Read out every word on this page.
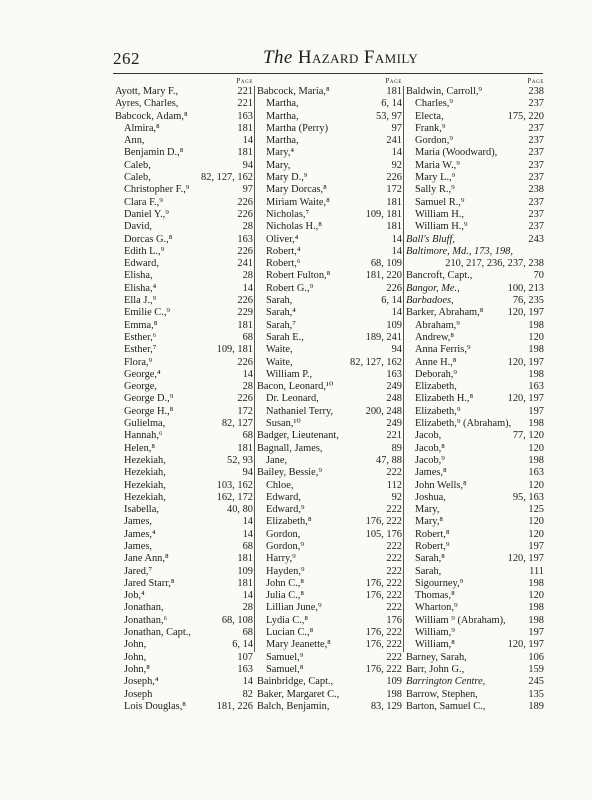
262	The Hazard Family
Page
Ayott, Mary F.,	221
Ayres, Charles,	221
Babcock, Adam,⁸	163
Almira,⁸	181
Ann,	14
Benjamin D.,⁸	181
Caleb,	94
Caleb,	82, 127, 162
Christopher F.,⁹	97
Clara F.,⁹	226
Daniel Y.,⁹	226
David,	28
Dorcas G.,⁸	163
Edith L.,⁹	226
Edward,	241
Elisha,	28
Elisha,⁴	14
Ella J.,⁹	226
Emilie C.,⁹	229
Emma,⁸	181
Esther,⁶	68
Esther,⁷	109, 181
Flora,⁹	226
George,⁴	14
George,	28
George D.,⁹	226
George H.,⁸	172
Gulielma,	82, 127
Hannah,⁶	68
Helen,⁸	181
Hezekiah,	52, 93
Hezekiah,	94
Hezekiah,	103, 162
Hezekiah,	162, 172
Isabella,	40, 80
James,	14
James,⁴	14
James,	68
Jane Ann,⁸	181
Jared,⁷	109
Jared Starr,⁸	181
Job,⁴	14
Jonathan,	28
Jonathan,⁶	68, 108
Jonathan, Capt.,	68
John,	6, 14
John,	107
John,⁸	163
Joseph,⁴	14
Joseph	82
Lois Douglas,⁸	181, 226
Page
Babcock, Maria,⁸	181
Martha,	6, 14
Martha,	53, 97
Martha (Perry)	97
Martha,	241
Mary,⁴	14
Mary,	92
Mary D.,⁹	226
Mary Dorcas,⁸	172
Miriam Waite,⁸	181
Nicholas,⁷	109, 181
Nicholas H.,⁸	181
Oliver,⁴	14
Robert,⁴	14
Robert,⁶	68, 109
Robert Fulton,⁸	181, 220
Robert G.,⁹	226
Sarah,	6, 14
Sarah,⁴	14
Sarah,⁷	109
Sarah E.,	189, 241
Waite,	94
Waite,	82, 127, 162
William P.,	163
Bacon, Leonard,¹⁰	249
Dr. Leonard,	248
Nathaniel Terry,	200, 248
Susan,¹⁰	249
Badger, Lieutenant,	221
Bagnall, James,	89
Jane,	47, 88
Bailey, Bessie,⁹	222
Chloe,	112
Edward,	92
Edward,⁹	222
Elizabeth,⁸	176, 222
Gordon,	105, 176
Gordon,⁹	222
Harry,⁹	222
Hayden,⁹	222
John C.,⁸	176, 222
Julia C.,⁸	176, 222
Lillian June,⁹	222
Lydia C.,⁸	176
Lucian C.,⁸	176, 222
Mary Jeanette,⁸	176, 222
Samuel,⁹	222
Samuel,⁸	176, 222
Bainbridge, Capt.,	109
Baker, Margaret C.,	198
Balch, Benjamin,	83, 129
Page
Baldwin, Carroll,⁹	238
Charles,⁹	237
Electa,	175, 220
Frank,⁹	237
Gordon,⁹	237
Maria (Woodward),	237
Maria W.,⁹	237
Mary L.,⁹	237
Sally R.,⁹	238
Samuel R.,⁹	237
William H.,	237
William H.,⁹	237
Ball's Bluff,	243
Baltimore, Md., 173, 198,
210, 217, 236, 237, 238
Bancroft, Capt.,	70
Bangor, Me.,	100, 213
Barbadoes,	76, 235
Barker, Abraham,⁸ 120, 197
Abraham,⁹	198
Andrew,⁸	120
Anna Ferris,⁹	198
Anne H.,⁸	120, 197
Deborah,⁹	198
Elizabeth,	163
Elizabeth H.,⁸	120, 197
Elizabeth,⁹	197
Elizabeth,⁹ (Abraham), 198
Jacob,	77, 120
Jacob,⁸	120
Jacob,⁹	198
James,⁸	163
John Wells,⁸	120
Joshua,	95, 163
Mary,	125
Mary,⁸	120
Robert,⁸	120
Robert,⁹	197
Sarah,⁸	120, 197
Sarah,	111
Sigourney,⁹	198
Thomas,⁸	120
Wharton,⁹	198
William ⁹ (Abraham), 198
William,⁹	197
William,⁸	120, 197
Barney, Sarah,	106
Barr, John G.,	159
Barrington Centre,	245
Barrow, Stephen,	135
Barton, Samuel C.,	189
